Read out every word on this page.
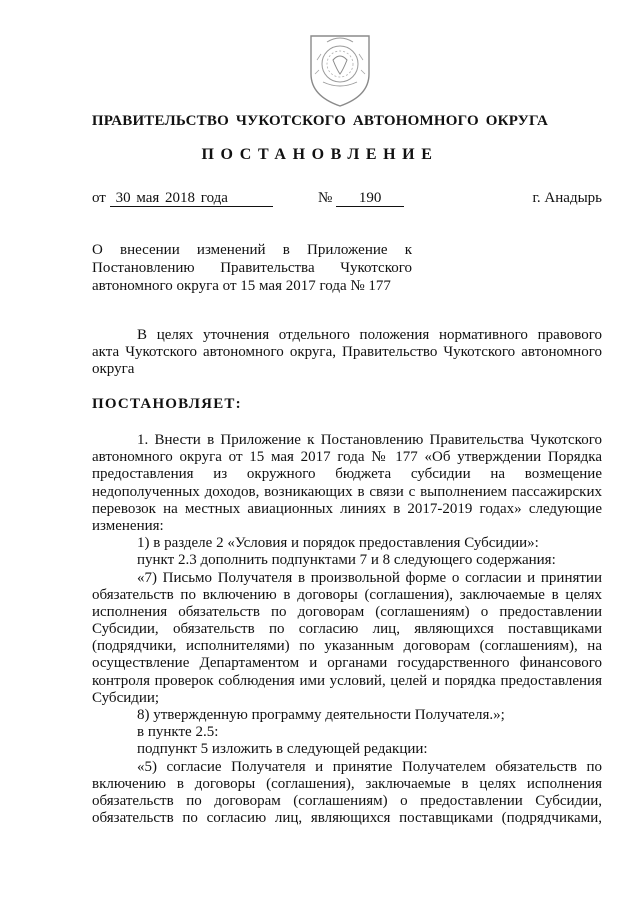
ПРАВИТЕЛЬСТВО ЧУКОТСКОГО АВТОНОМНОГО ОКРУГА
ПОСТАНОВЛЕНИЕ
от 30 мая 2018 года	№ 190	г. Анадырь
О внесении изменений в Приложение к
Постановлению Правительства Чукотского
автономного округа от 15 мая 2017 года № 177
В целях уточнения отдельного положения нормативного правового
акта Чукотского автономного округа, Правительство Чукотского автономного
округа
ПОСТАНОВЛЯЕТ:
1. Внести в Приложение к Постановлению Правительства Чукотского
автономного округа от 15 мая 2017 года № 177 «Об утверждении Порядка
предоставления из окружного бюджета субсидии на возмещение
недополученных доходов, возникающих в связи с выполнением пассажирских
перевозок на местных авиационных линиях в 2017-2019 годах» следующие
изменения:
1) в разделе 2 «Условия и порядок предоставления Субсидии»:
пункт 2.3 дополнить подпунктами 7 и 8 следующего содержания:
«7) Письмо Получателя в произвольной форме о согласии и принятии
обязательств по включению в договоры (соглашения), заключаемые в целях
исполнения обязательств по договорам (соглашениям) о предоставлении
Субсидии, обязательств по согласию лиц, являющихся поставщиками
(подрядчики, исполнителями) по указанным договорам (соглашениям), на
осуществление Департаментом и органами государственного финансового
контроля проверок соблюдения ими условий, целей и порядка предоставления
Субсидии;
8) утвержденную программу деятельности Получателя.»;
в пункте 2.5:
подпункт 5 изложить в следующей редакции:
«5) согласие Получателя и принятие Получателем обязательств по
включению в договоры (соглашения), заключаемые в целях исполнения
обязательств по договорам (соглашениям) о предоставлении Субсидии,
обязательств по согласию лиц, являющихся поставщиками (подрядчиками,
